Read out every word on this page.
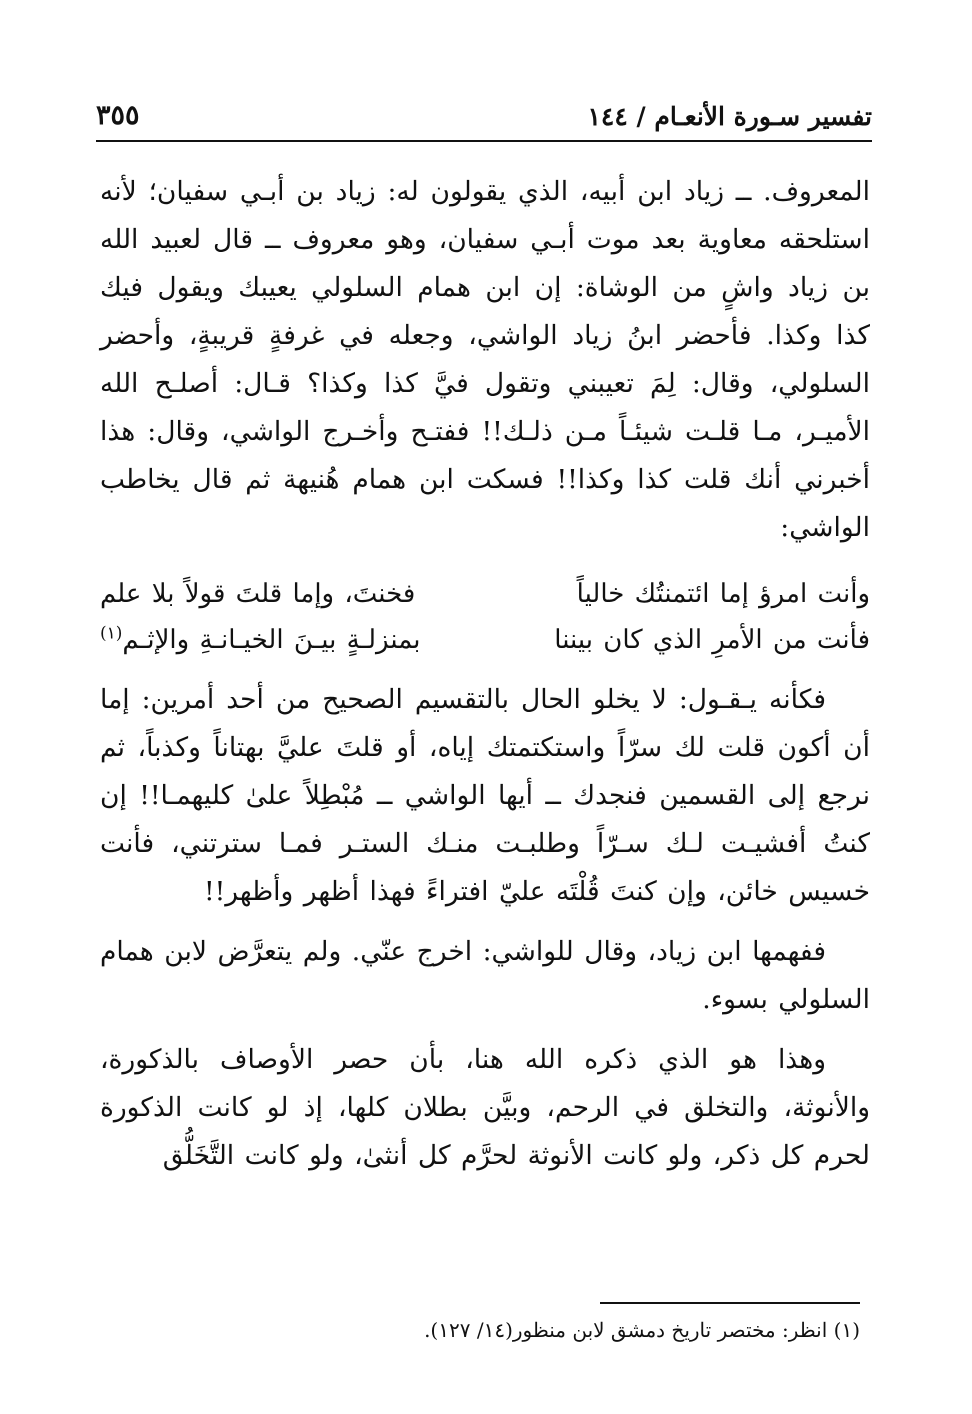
تفسير سـورة الأنعـام / ١٤٤
٣٥٥

المعروف. ــ زياد ابن أبيه، الذي يقولون له: زياد بن أبـي سفيان؛ لأنه استلحقه معاوية بعد موت أبـي سفيان، وهو معروف ــ قال لعبيد الله بن زياد واشٍ من الوشاة: إن ابن همام السلولي يعيبك ويقول فيك كذا وكذا. فأحضر ابنُ زياد الواشي، وجعله في غرفةٍ قريبةٍ، وأحضر السلولي، وقال: لِمَ تعيبني وتقول فيَّ كذا وكذا؟ قـال: أصلـح الله الأميـر، مـا قلـت شيئـاً مـن ذلـك!! ففتـح وأخـرج الواشي، وقال: هذا أخبرني أنك قلت كذا وكذا!! فسكت ابن همام هُنيهة ثم قال يخاطب الواشي:

وأنت امرؤ إما ائتمنتُك خالياً
فخنتَ، وإما قلتَ قولاً بلا علم
فأنت من الأمرِ الذي كان بيننا
بمنزلـةٍ بيـنَ الخيـانـةِ والإثـم$^{(١)}$

فكأنه يـقـول: لا يخلو الحال بالتقسيم الصحيح من أحد أمرين: إما أن أكون قلت لك سرّاً واستكتمتك إياه، أو قلتَ عليَّ بهتاناً وكذباً، ثم نرجع إلى القسمين فنجدك ــ أيها الواشي ــ مُبْطِلاً علىٰ كليهمـا!! إن كنتُ أفشيـت لـك سـرّاً وطلبـت منـك الستـر فمـا سترتني، فأنت خسيس خائن، وإن كنتَ قُلْتَه عليّ افتراءً فهذا أظهر وأظهر!!

ففهمها ابن زياد، وقال للواشي: اخرج عنّي. ولم يتعرَّض لابن همام السلولي بسوء.

وهذا هو الذي ذكره الله هنا، بأن حصر الأوصاف بالذكورة، والأنوثة، والتخلق في الرحم، وبيَّن بطلان كلها، إذ لو كانت الذكورة لحرم كل ذكر، ولو كانت الأنوثة لحرَّم كل أنثىٰ، ولو كانت التَّخَلُّق

(١) انظر: مختصر تاريخ دمشق لابن منظور(١٤/ ١٢٧).
